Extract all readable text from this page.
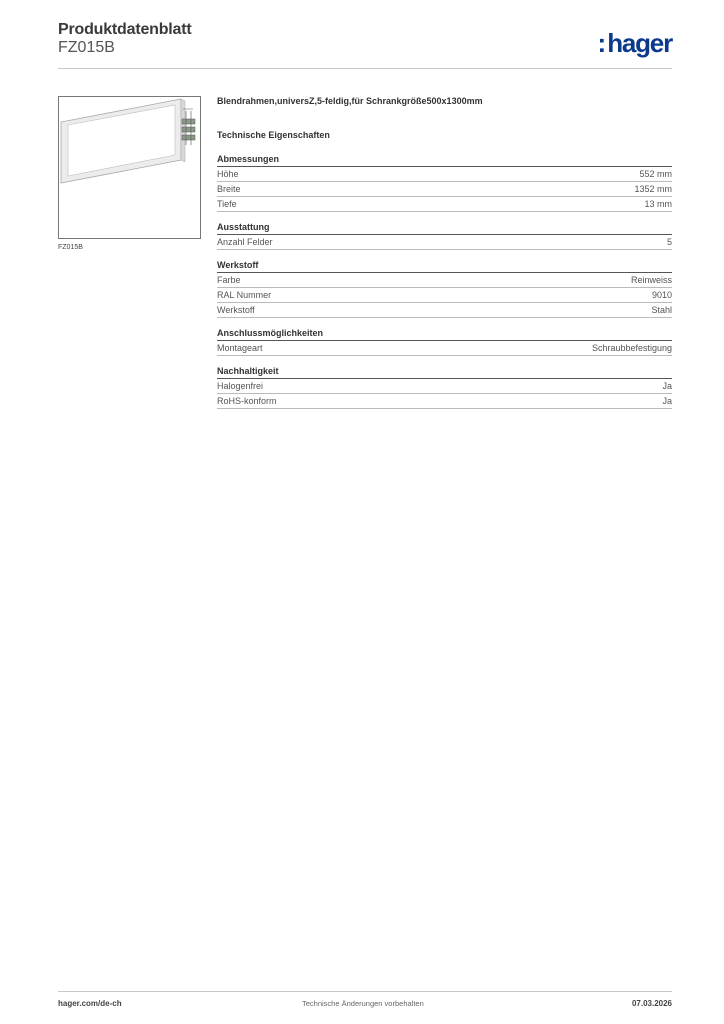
Produktdatenblatt
FZ015B	:hager
FZ015B
Blendrahmen,universZ,5-feldig,für Schrankgröße500x1300mm
Technische Eigenschaften
Abmessungen
Höhe	552 mm
Breite	1352 mm
Tiefe	13 mm
Ausstattung
Anzahl Felder	5
Werkstoff
Farbe	Reinweiss
RAL Nummer	9010
Werkstoff	Stahl
Anschlussmöglichkeiten
Montageart	Schraubbefestigung
Nachhaltigkeit
Halogenfrei	Ja
RoHS-konform	Ja
hager.com/de-ch	Technische Änderungen vorbehalten	07.03.2026
